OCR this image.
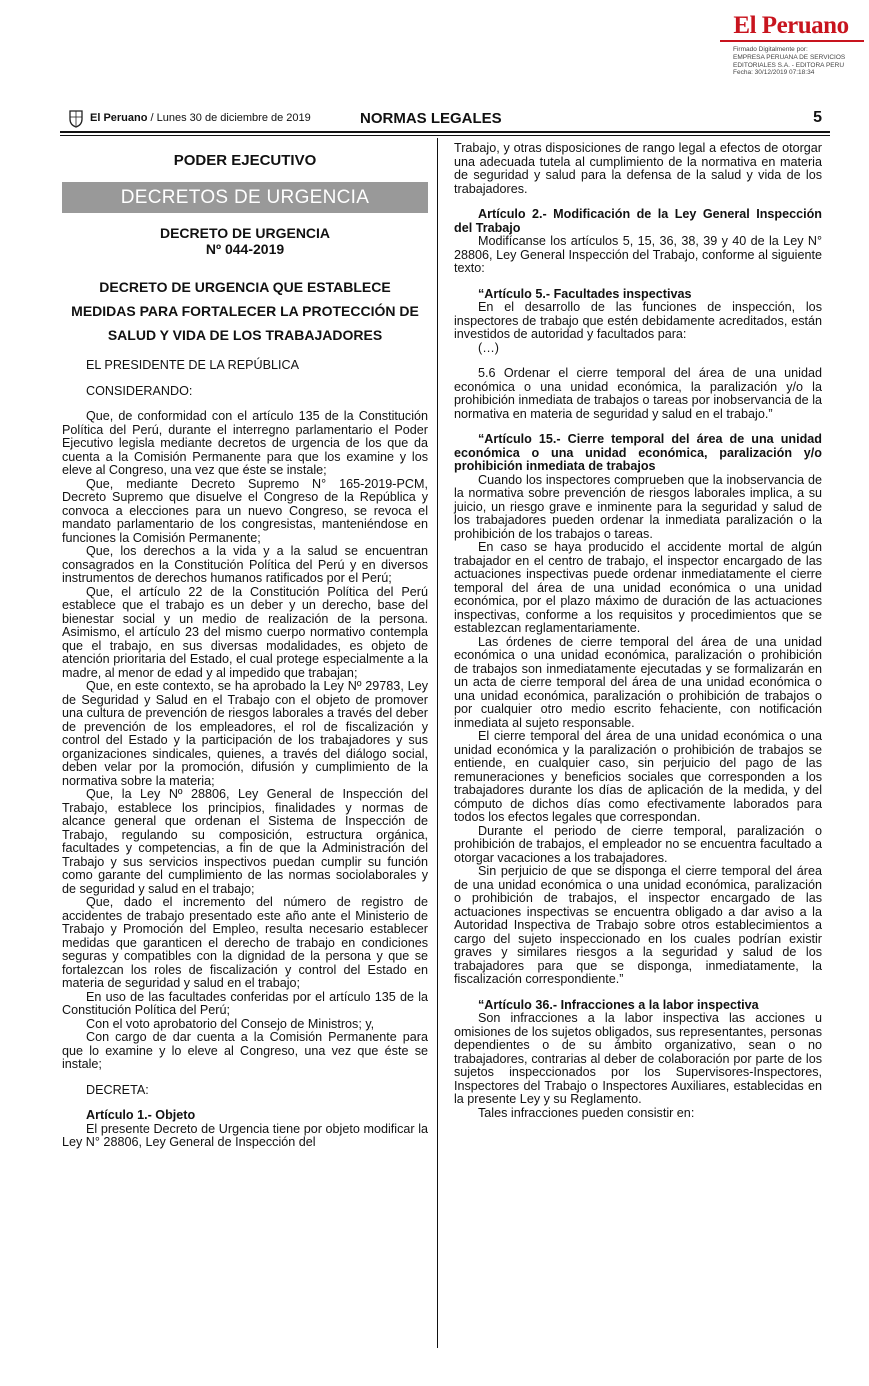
El Peruano
Firmado Digitalmente por:
EMPRESA PERUANA DE SERVICIOS
EDITORIALES S.A. - EDITORA PERU
Fecha: 30/12/2019 07:18:34
El Peruano / Lunes 30 de diciembre de 2019	NORMAS LEGALES	5
PODER EJECUTIVO
DECRETOS DE URGENCIA
DECRETO DE URGENCIA
Nº 044-2019
DECRETO DE URGENCIA QUE ESTABLECE
MEDIDAS PARA FORTALECER LA PROTECCIÓN DE
SALUD Y VIDA DE LOS TRABAJADORES

EL PRESIDENTE DE LA REPÚBLICA

CONSIDERANDO:

Que, de conformidad con el artículo 135 de la Constitución Política del Perú, durante el interregno parlamentario el Poder Ejecutivo legisla mediante decretos de urgencia de los que da cuenta a la Comisión Permanente para que los examine y los eleve al Congreso, una vez que éste se instale;

Que, mediante Decreto Supremo N° 165-2019-PCM, Decreto Supremo que disuelve el Congreso de la República y convoca a elecciones para un nuevo Congreso, se revoca el mandato parlamentario de los congresistas, manteniéndose en funciones la Comisión Permanente;

Que, los derechos a la vida y a la salud se encuentran consagrados en la Constitución Política del Perú y en diversos instrumentos de derechos humanos ratificados por el Perú;

Que, el artículo 22 de la Constitución Política del Perú establece que el trabajo es un deber y un derecho, base del bienestar social y un medio de realización de la persona. Asimismo, el artículo 23 del mismo cuerpo normativo contempla que el trabajo, en sus diversas modalidades, es objeto de atención prioritaria del Estado, el cual protege especialmente a la madre, al menor de edad y al impedido que trabajan;

Que, en este contexto, se ha aprobado la Ley Nº 29783, Ley de Seguridad y Salud en el Trabajo con el objeto de promover una cultura de prevención de riesgos laborales a través del deber de prevención de los empleadores, el rol de fiscalización y control del Estado y la participación de los trabajadores y sus organizaciones sindicales, quienes, a través del diálogo social, deben velar por la promoción, difusión y cumplimiento de la normativa sobre la materia;

Que, la Ley Nº 28806, Ley General de Inspección del Trabajo, establece los principios, finalidades y normas de alcance general que ordenan el Sistema de Inspección de Trabajo, regulando su composición, estructura orgánica, facultades y competencias, a fin de que la Administración del Trabajo y sus servicios inspectivos puedan cumplir su función como garante del cumplimiento de las normas sociolaborales y de seguridad y salud en el trabajo;

Que, dado el incremento del número de registro de accidentes de trabajo presentado este año ante el Ministerio de Trabajo y Promoción del Empleo, resulta necesario establecer medidas que garanticen el derecho de trabajo en condiciones seguras y compatibles con la dignidad de la persona y que se fortalezcan los roles de fiscalización y control del Estado en materia de seguridad y salud en el trabajo;

En uso de las facultades conferidas por el artículo 135 de la Constitución Política del Perú;

Con el voto aprobatorio del Consejo de Ministros; y,

Con cargo de dar cuenta a la Comisión Permanente para que lo examine y lo eleve al Congreso, una vez que éste se instale;

DECRETA:

Artículo 1.- Objeto

El presente Decreto de Urgencia tiene por objeto modificar la Ley N° 28806, Ley General de Inspección del

Trabajo, y otras disposiciones de rango legal a efectos de otorgar una adecuada tutela al cumplimiento de la normativa en materia de seguridad y salud para la defensa de la salud y vida de los trabajadores.

Artículo 2.- Modificación de la Ley General Inspección del Trabajo

Modifícanse los artículos 5, 15, 36, 38, 39 y 40 de la Ley N° 28806, Ley General Inspección del Trabajo, conforme al siguiente texto:

“Artículo 5.- Facultades inspectivas

En el desarrollo de las funciones de inspección, los inspectores de trabajo que estén debidamente acreditados, están investidos de autoridad y facultados para:

(…)

5.6 Ordenar el cierre temporal del área de una unidad económica o una unidad económica, la paralización y/o la prohibición inmediata de trabajos o tareas por inobservancia de la normativa en materia de seguridad y salud en el trabajo.”

“Artículo 15.- Cierre temporal del área de una unidad económica o una unidad económica, paralización y/o prohibición inmediata de trabajos

Cuando los inspectores comprueben que la inobservancia de la normativa sobre prevención de riesgos laborales implica, a su juicio, un riesgo grave e inminente para la seguridad y salud de los trabajadores pueden ordenar la inmediata paralización o la prohibición de los trabajos o tareas.

En caso se haya producido el accidente mortal de algún trabajador en el centro de trabajo, el inspector encargado de las actuaciones inspectivas puede ordenar inmediatamente el cierre temporal del área de una unidad económica o una unidad económica, por el plazo máximo de duración de las actuaciones inspectivas, conforme a los requisitos y procedimientos que se establezcan reglamentariamente.

Las órdenes de cierre temporal del área de una unidad económica o una unidad económica, paralización o prohibición de trabajos son inmediatamente ejecutadas y se formalizarán en un acta de cierre temporal del área de una unidad económica o una unidad económica, paralización o prohibición de trabajos o por cualquier otro medio escrito fehaciente, con notificación inmediata al sujeto responsable.

El cierre temporal del área de una unidad económica o una unidad económica y la paralización o prohibición de trabajos se entiende, en cualquier caso, sin perjuicio del pago de las remuneraciones y beneficios sociales que corresponden a los trabajadores durante los días de aplicación de la medida, y del cómputo de dichos días como efectivamente laborados para todos los efectos legales que correspondan.

Durante el periodo de cierre temporal, paralización o prohibición de trabajos, el empleador no se encuentra facultado a otorgar vacaciones a los trabajadores.

Sin perjuicio de que se disponga el cierre temporal del área de una unidad económica o una unidad económica, paralización o prohibición de trabajos, el inspector encargado de las actuaciones inspectivas se encuentra obligado a dar aviso a la Autoridad Inspectiva de Trabajo sobre otros establecimientos a cargo del sujeto inspeccionado en los cuales podrían existir graves y similares riesgos a la seguridad y salud de los trabajadores para que se disponga, inmediatamente, la fiscalización correspondiente.”

“Artículo 36.- Infracciones a la labor inspectiva

Son infracciones a la labor inspectiva las acciones u omisiones de los sujetos obligados, sus representantes, personas dependientes o de su ámbito organizativo, sean o no trabajadores, contrarias al deber de colaboración por parte de los sujetos inspeccionados por los Supervisores-Inspectores, Inspectores del Trabajo o Inspectores Auxiliares, establecidas en la presente Ley y su Reglamento.

Tales infracciones pueden consistir en:
